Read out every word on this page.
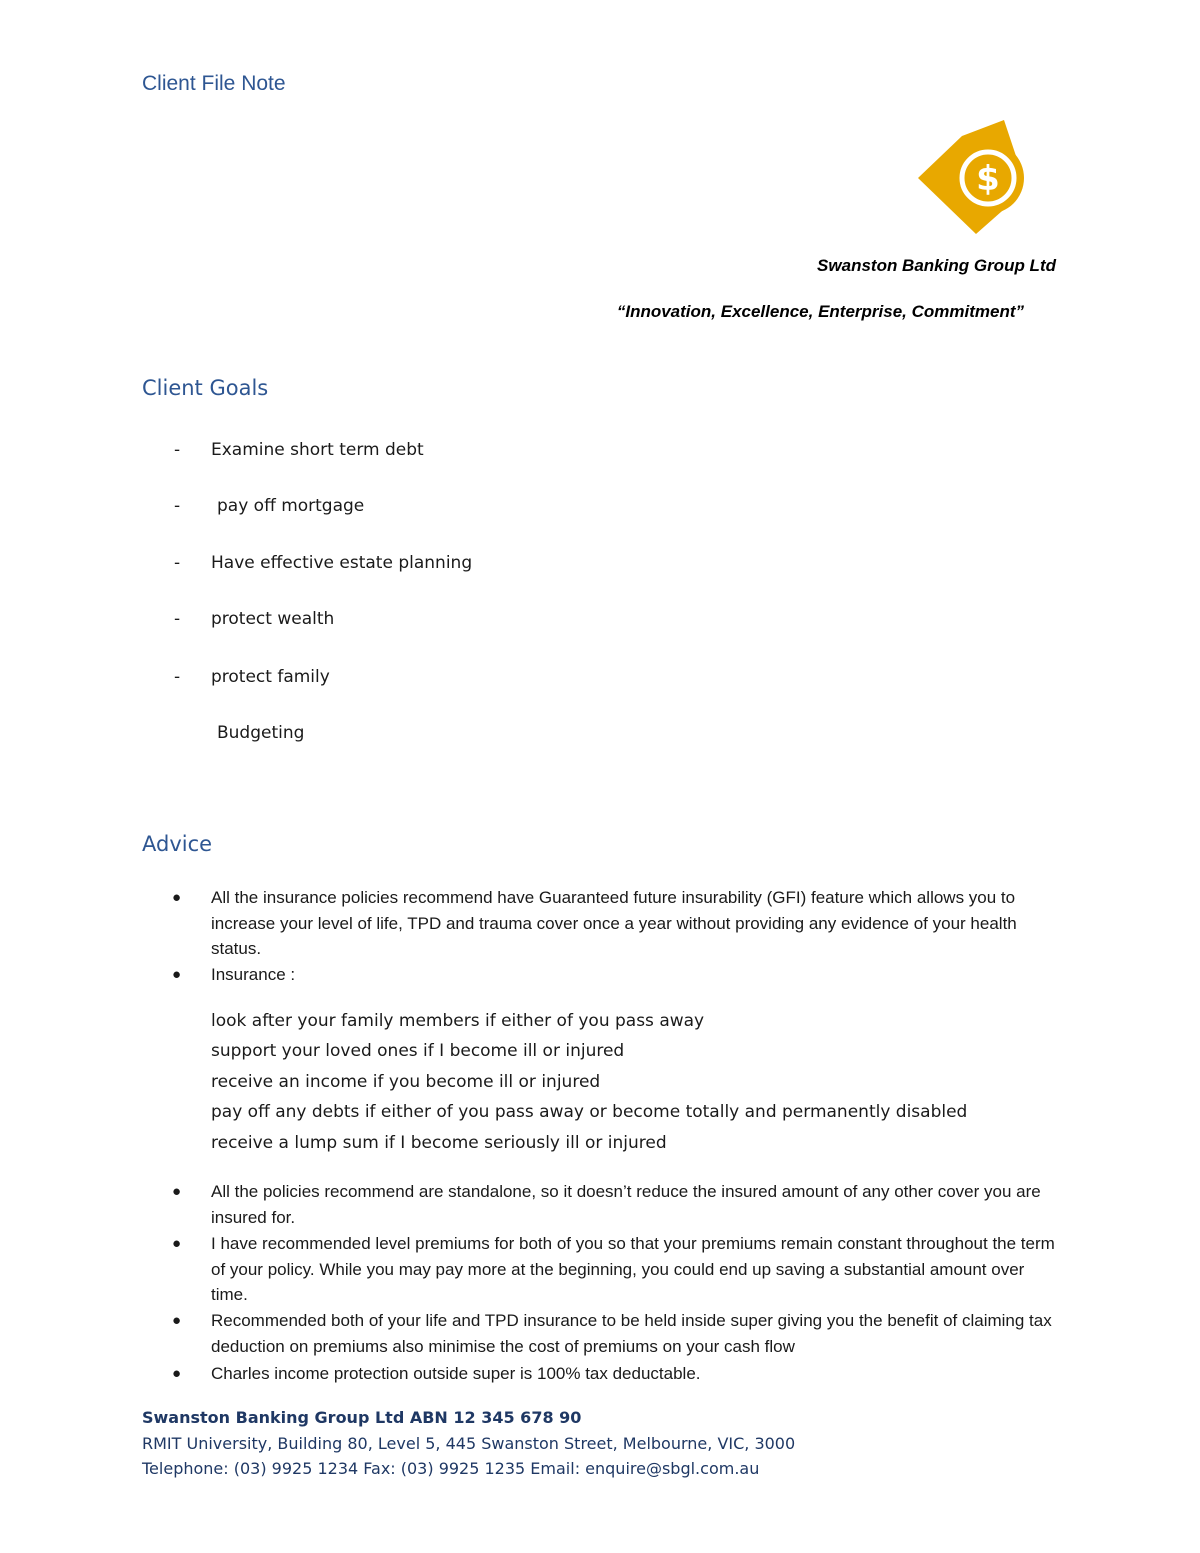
Client File Note
$
Swanston Banking Group Ltd
“Innovation, Excellence, Enterprise, Commitment”
Client Goals
- Examine short term debt
- pay off mortgage
- Have effective estate planning
- protect wealth
- protect family
Budgeting
Advice
● All the insurance policies recommend have Guaranteed future insurability (GFI) feature which allows you to increase your level of life, TPD and trauma cover once a year without providing any evidence of your health status.
● Insurance :
look after your family members if either of you pass away
support your loved ones if I become ill or injured
receive an income if you become ill or injured
pay off any debts if either of you pass away or become totally and permanently disabled
receive a lump sum if I become seriously ill or injured
● All the policies recommend are standalone, so it doesn’t reduce the insured amount of any other cover you are insured for.
● I have recommended level premiums for both of you so that your premiums remain constant throughout the term of your policy. While you may pay more at the beginning, you could end up saving a substantial amount over time.
● Recommended both of your life and TPD insurance to be held inside super giving you the benefit of claiming tax deduction on premiums also minimise the cost of premiums on your cash flow
● Charles income protection outside super is 100% tax deductable.
Swanston Banking Group Ltd ABN 12 345 678 90
RMIT University, Building 80, Level 5, 445 Swanston Street, Melbourne, VIC, 3000
Telephone: (03) 9925 1234 Fax: (03) 9925 1235 Email: enquire@sbgl.com.au
